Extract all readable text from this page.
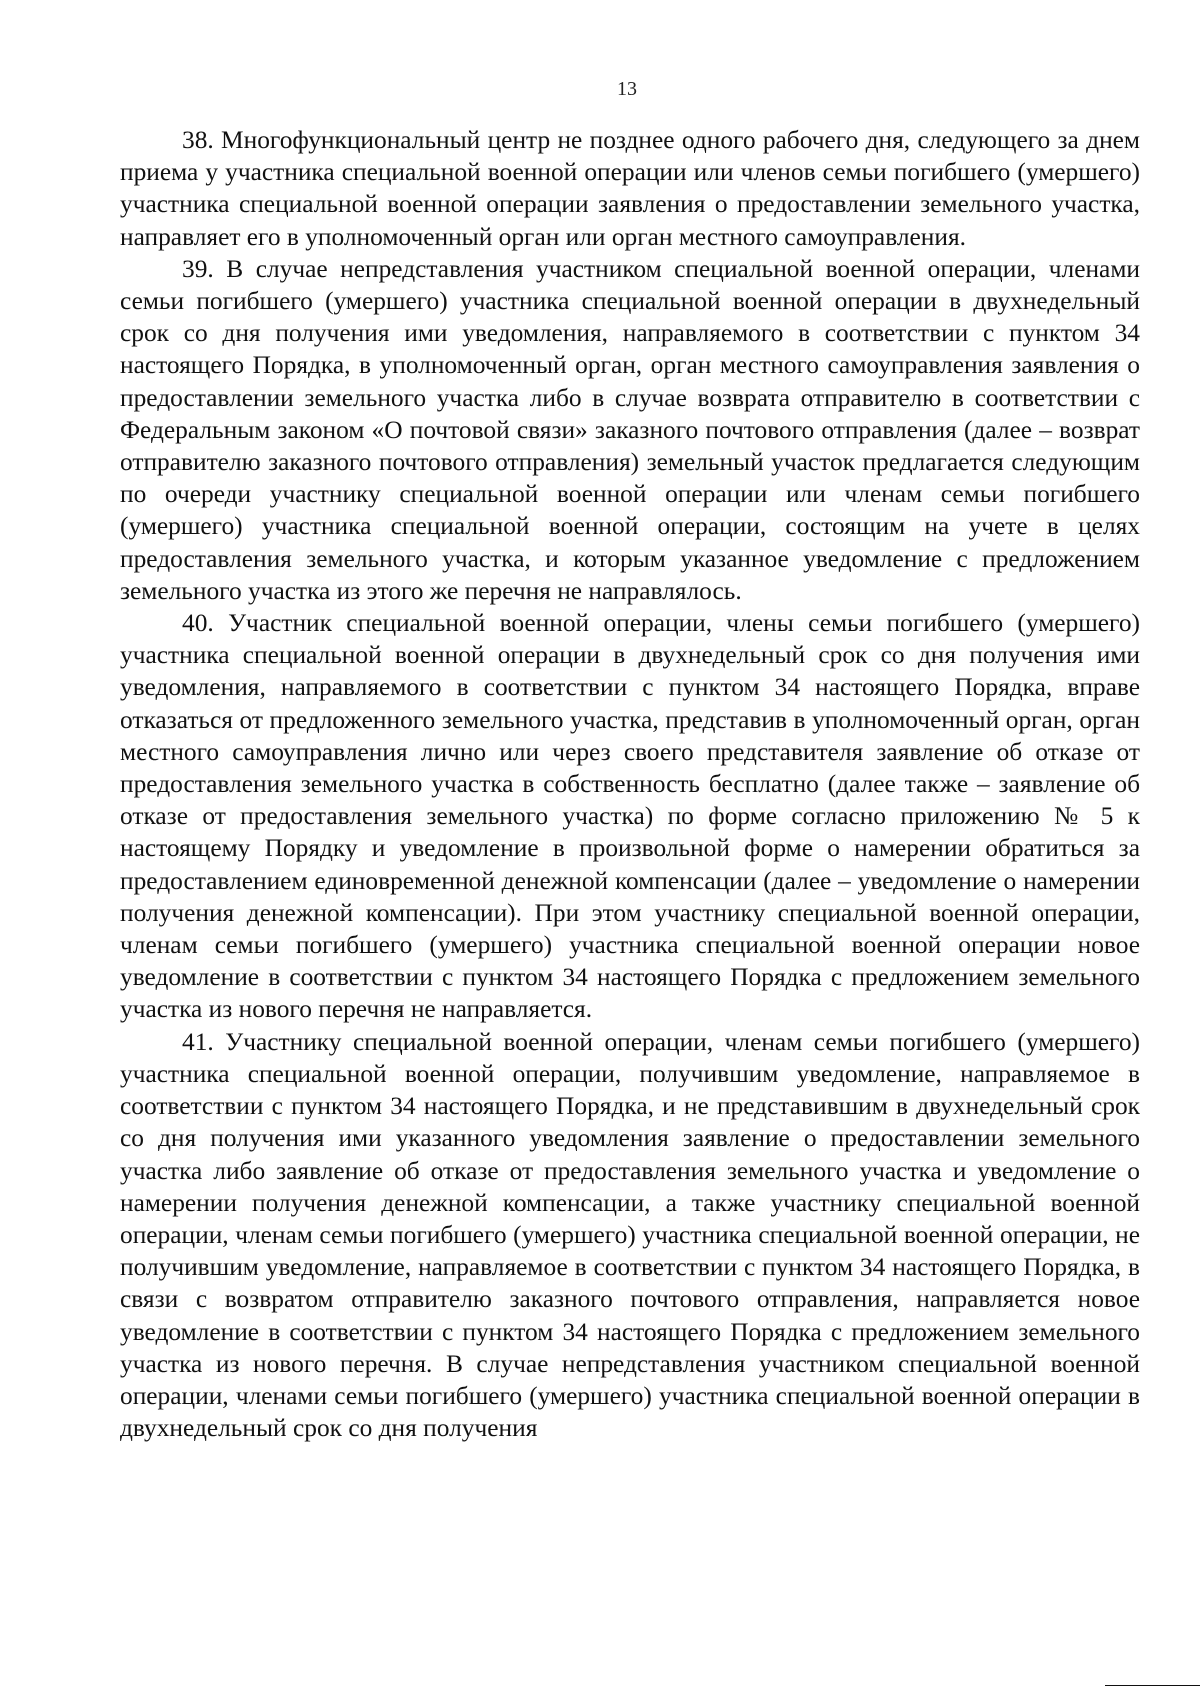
13

38. Многофункциональный центр не позднее одного рабочего дня, следующего за днем приема у участника специальной военной операции или членов семьи погибшего (умершего) участника специальной военной операции заявления о предоставлении земельного участка, направляет его в уполномоченный орган или орган местного самоуправления.

39. В случае непредставления участником специальной военной операции, членами семьи погибшего (умершего) участника специальной военной операции в двухнедельный срок со дня получения ими уведомления, направляемого в соответствии с пунктом 34 настоящего Порядка, в уполномоченный орган, орган местного самоуправления заявления о предоставлении земельного участка либо в случае возврата отправителю в соответствии с Федеральным законом «О почтовой связи» заказного почтового отправления (далее – возврат отправителю заказного почтового отправления) земельный участок предлагается следующим по очереди участнику специальной военной операции или членам семьи погибшего (умершего) участника специальной военной операции, состоящим на учете в целях предоставления земельного участка, и которым указанное уведомление с предложением земельного участка из этого же перечня не направлялось.

40. Участник специальной военной операции, члены семьи погибшего (умершего) участника специальной военной операции в двухнедельный срок со дня получения ими уведомления, направляемого в соответствии с пунктом 34 настоящего Порядка, вправе отказаться от предложенного земельного участка, представив в уполномоченный орган, орган местного самоуправления лично или через своего представителя заявление об отказе от предоставления земельного участка в собственность бесплатно (далее также – заявление об отказе от предоставления земельного участка) по форме согласно приложению № 5 к настоящему Порядку и уведомление в произвольной форме о намерении обратиться за предоставлением единовременной денежной компенсации (далее – уведомление о намерении получения денежной компенсации). При этом участнику специальной военной операции, членам семьи погибшего (умершего) участника специальной военной операции новое уведомление в соответствии с пунктом 34 настоящего Порядка с предложением земельного участка из нового перечня не направляется.

41. Участнику специальной военной операции, членам семьи погибшего (умершего) участника специальной военной операции, получившим уведомление, направляемое в соответствии с пунктом 34 настоящего Порядка, и не представившим в двухнедельный срок со дня получения ими указанного уведомления заявление о предоставлении земельного участка либо заявление об отказе от предоставления земельного участка и уведомление о намерении получения денежной компенсации, а также участнику специальной военной операции, членам семьи погибшего (умершего) участника специальной военной операции, не получившим уведомление, направляемое в соответствии с пунктом 34 настоящего Порядка, в связи с возвратом отправителю заказного почтового отправления, направляется новое уведомление в соответствии с пунктом 34 настоящего Порядка с предложением земельного участка из нового перечня. В случае непредставления участником специальной военной операции, членами семьи погибшего (умершего) участника специальной военной операции в двухнедельный срок со дня получения
